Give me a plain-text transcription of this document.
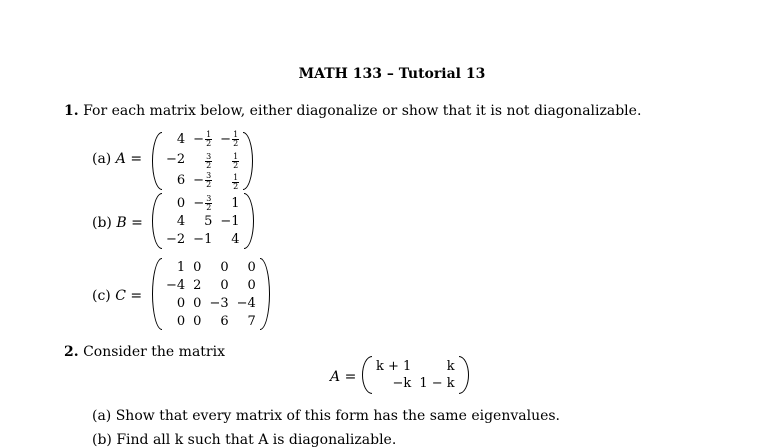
MATH 133 – Tutorial 13
1. For each matrix below, either diagonalize or show that it is not diagonalizable.
(a) A =
4	− $\frac{1}{2}$	− $\frac{1}{2}$

−2	$\frac{3}{2}$	$\frac{1}{2}$

6	− $\frac{3}{2}$	$\frac{1}{2}$
(b) B =
0	− $\frac{3}{2}$	1
4	5	−1
−2	−1	4
(c) C =
1	0	0	0
−4	2	0	0
0	0	−3	−4
0	0	6	7
2. Consider the matrix
A =
k + 1	k
−k	1 − k
(a) Show that every matrix of this form has the same eigenvalues.
(b) Find all k such that A is diagonalizable.
